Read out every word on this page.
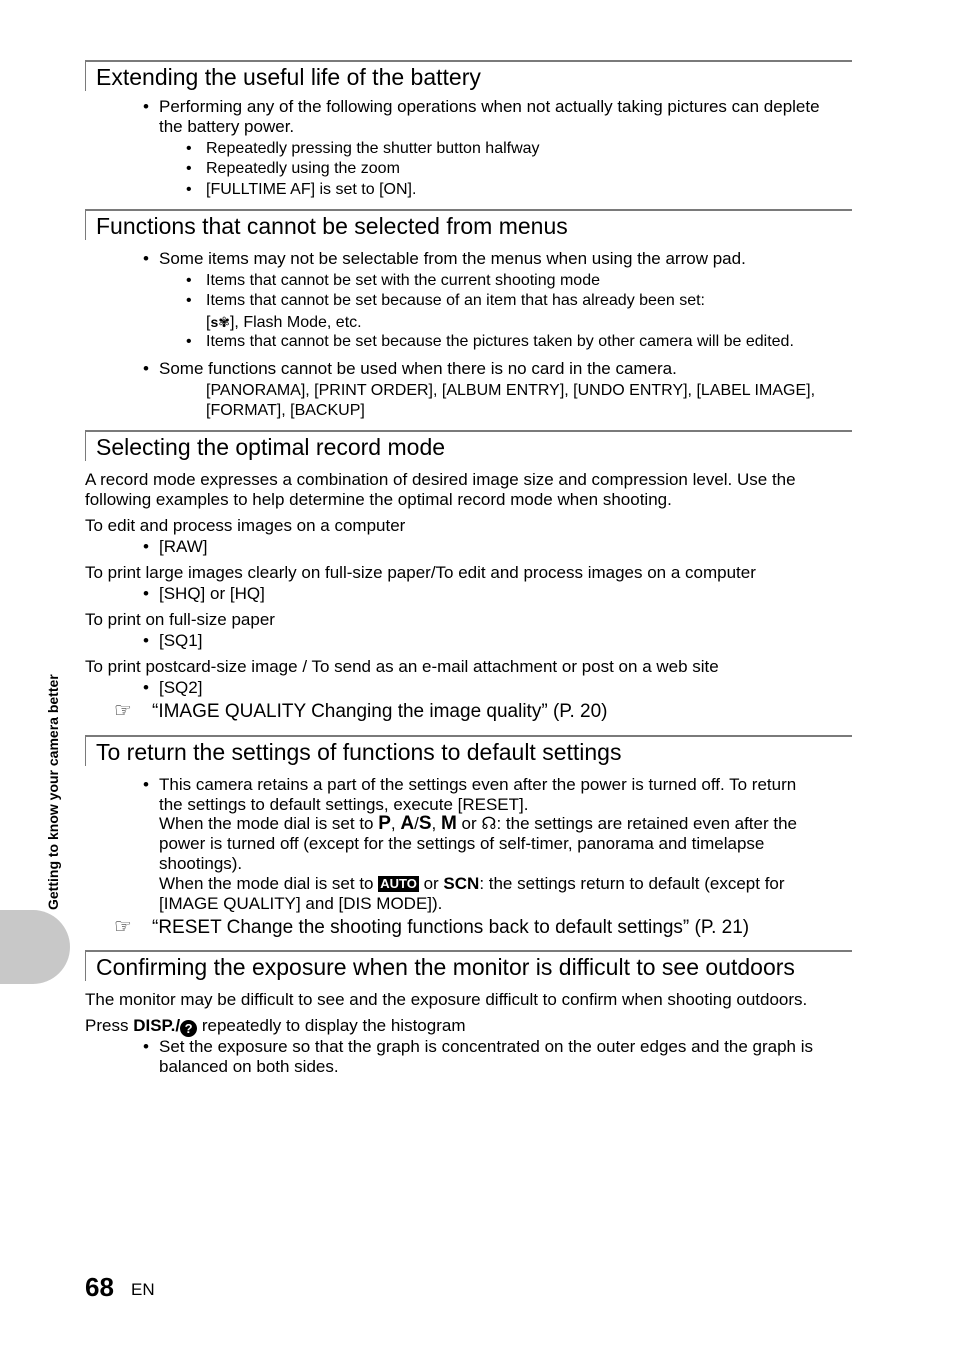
Extending the useful life of the battery
• Performing any of the following operations when not actually taking pictures can deplete
the battery power.
• Repeatedly pressing the shutter button halfway
• Repeatedly using the zoom
• [FULLTIME AF] is set to [ON].
Functions that cannot be selected from menus
• Some items may not be selectable from the menus when using the arrow pad.
• Items that cannot be set with the current shooting mode
• Items that cannot be set because of an item that has already been set:
[s✾], Flash Mode, etc.
• Items that cannot be set because the pictures taken by other camera will be edited.
• Some functions cannot be used when there is no card in the camera.
[PANORAMA], [PRINT ORDER], [ALBUM ENTRY], [UNDO ENTRY], [LABEL IMAGE],
[FORMAT], [BACKUP]
Selecting the optimal record mode
A record mode expresses a combination of desired image size and compression level. Use the
following examples to help determine the optimal record mode when shooting.
To edit and process images on a computer
• [RAW]
To print large images clearly on full-size paper/To edit and process images on a computer
• [SHQ] or [HQ]
To print on full-size paper
• [SQ1]
To print postcard-size image / To send as an e-mail attachment or post on a web site
• [SQ2]
☞ “IMAGE QUALITY Changing the image quality” (P. 20)
To return the settings of functions to default settings
• This camera retains a part of the settings even after the power is turned off. To return
the settings to default settings, execute [RESET].
When the mode dial is set to P, A/S, M or ☊: the settings are retained even after the
power is turned off (except for the settings of self-timer, panorama and timelapse
shootings).
When the mode dial is set to AUTO or SCN: the settings return to default (except for
[IMAGE QUALITY] and [DIS MODE]).
☞ “RESET Change the shooting functions back to default settings” (P. 21)
Confirming the exposure when the monitor is difficult to see outdoors
The monitor may be difficult to see and the exposure difficult to confirm when shooting outdoors.
Press DISP./ ? repeatedly to display the histogram
• Set the exposure so that the graph is concentrated on the outer edges and the graph is
balanced on both sides.
Getting to know your camera better
68 EN
